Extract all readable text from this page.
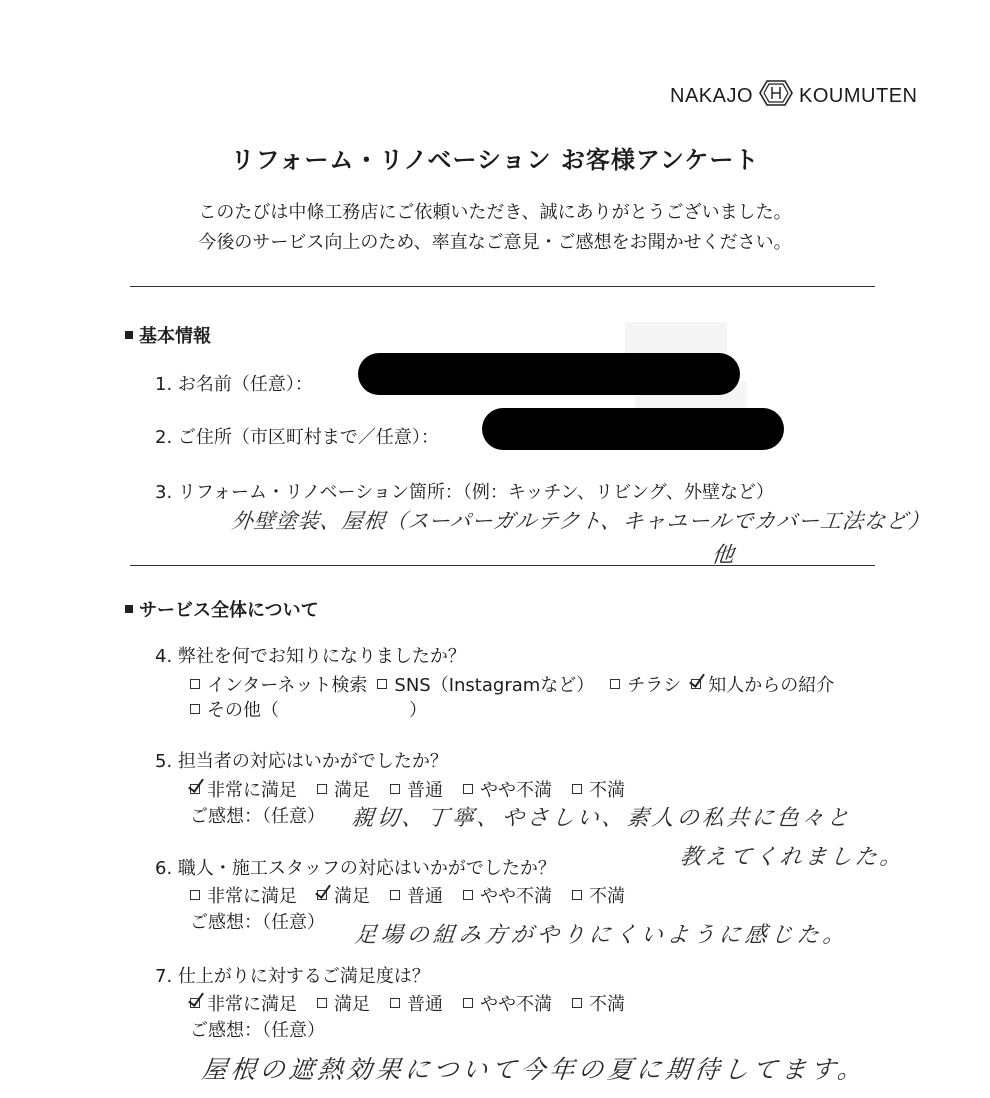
NAKAJO KOUMUTEN
リフォーム・リノベーション お客様アンケート
このたびは中條工務店にご依頼いただき、誠にありがとうございました。
今後のサービス向上のため、率直なご意見・ご感想をお聞かせください。
基本情報
1. お名前（任意）：
2. ご住所（市区町村まで／任意）：
3. リフォーム・リノベーション箇所：（例：キッチン、リビング、外壁など）
外壁塗装、屋根（スーパーガルテクト、キャユールでカバー工法など）
他
サービス全体について
4. 弊社を何でお知りになりましたか？
インターネット検索 SNS（Instagramなど） チラシ 知人からの紹介
その他（	）
5. 担当者の対応はいかがでしたか？
非常に満足 満足 普通 やや不満 不満
ご感想：（任意） 親切、丁寧、やさしい、素人の私共に色々と
教えてくれました。
6. 職人・施工スタッフの対応はいかがでしたか？
非常に満足 満足 普通 やや不満 不満
ご感想：（任意）
足場の組み方がやりにくいように感じた。
7. 仕上がりに対するご満足度は？
非常に満足 満足 普通 やや不満 不満
ご感想：（任意）
屋根の遮熱効果について今年の夏に期待してます。
